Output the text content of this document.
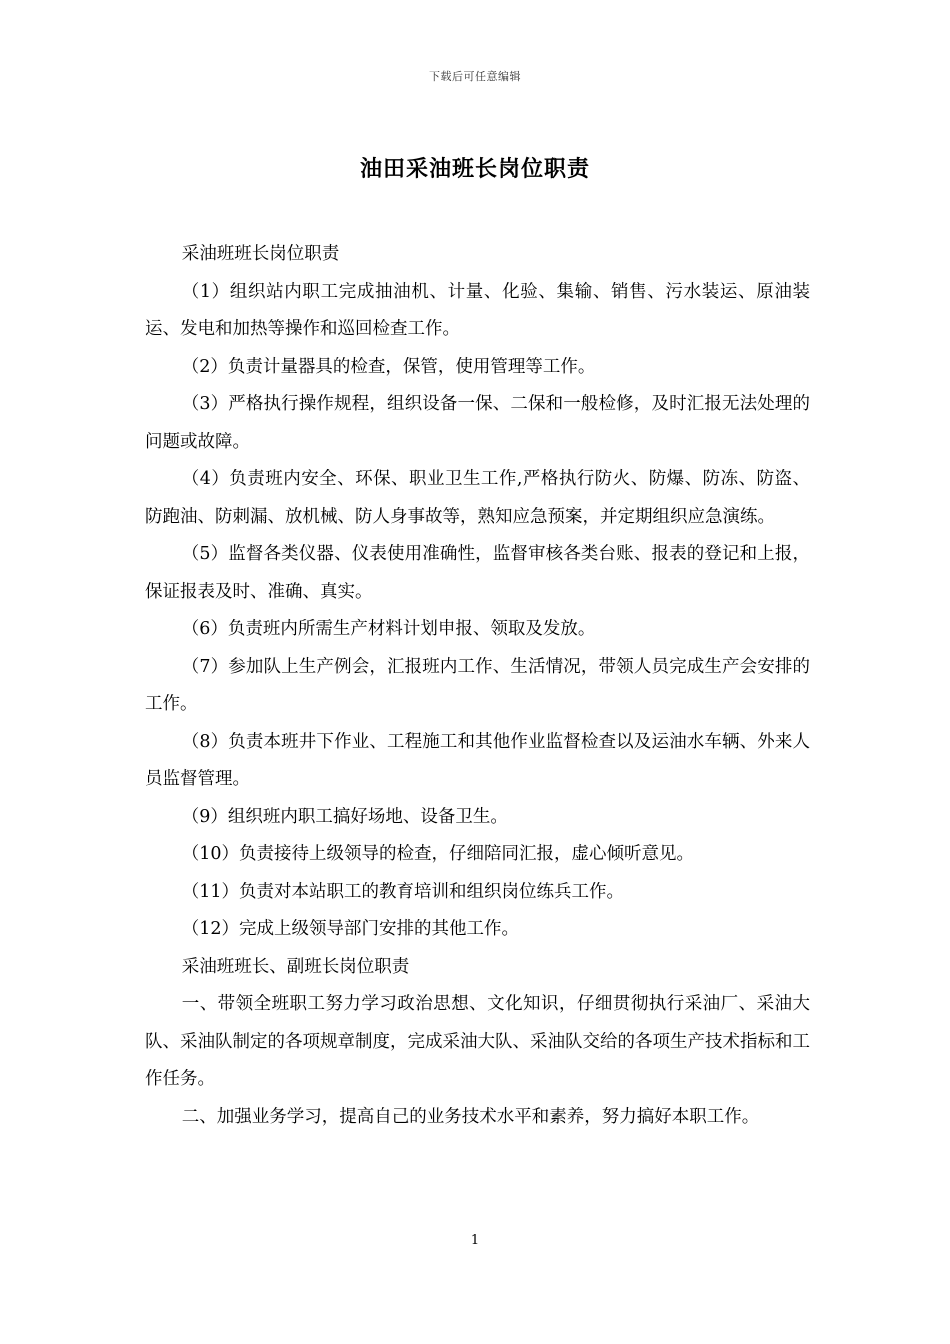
下载后可任意编辑
油田采油班长岗位职责

采油班班长岗位职责

（1）组织站内职工完成抽油机、计量、化验、集输、销售、污水装运、原油装运、发电和加热等操作和巡回检查工作。

（2）负责计量器具的检查，保管，使用管理等工作。

（3）严格执行操作规程，组织设备一保、二保和一般检修，及时汇报无法处理的问题或故障。

（4）负责班内安全、环保、职业卫生工作,严格执行防火、防爆、防冻、防盗、防跑油、防刺漏、放机械、防人身事故等，熟知应急预案，并定期组织应急演练。

（5）监督各类仪器、仪表使用准确性，监督审核各类台账、报表的登记和上报，保证报表及时、准确、真实。

（6）负责班内所需生产材料计划申报、领取及发放。

（7）参加队上生产例会，汇报班内工作、生活情况，带领人员完成生产会安排的工作。

（8）负责本班井下作业、工程施工和其他作业监督检查以及运油水车辆、外来人员监督管理。

（9）组织班内职工搞好场地、设备卫生。

（10）负责接待上级领导的检查，仔细陪同汇报，虚心倾听意见。

（11）负责对本站职工的教育培训和组织岗位练兵工作。

（12）完成上级领导部门安排的其他工作。

采油班班长、副班长岗位职责

一、带领全班职工努力学习政治思想、文化知识，仔细贯彻执行采油厂、采油大队、采油队制定的各项规章制度，完成采油大队、采油队交给的各项生产技术指标和工作任务。

二、加强业务学习，提高自己的业务技术水平和素养，努力搞好本职工作。

1
